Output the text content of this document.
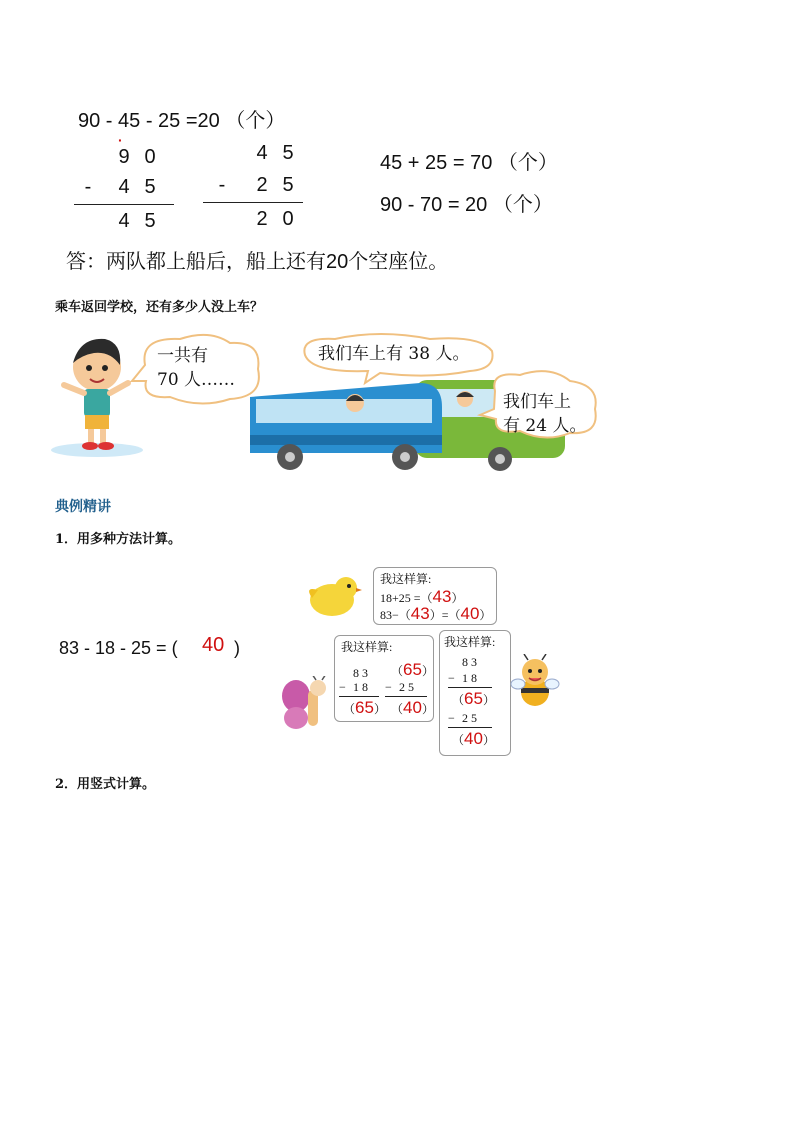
90 - 45 - 25 =20 （个）
·
9 0
-	4 5
4 5
4 5
-	2 5
2 0
45 + 25 = 70 （个）
90 - 70 = 20 （个）
答：两队都上船后，船上还有20个空座位。
乘车返回学校，还有多少人没上车？
一共有
70 人……
我们车上有 38 人。
我们车上
有 24 人。
典例精讲
1．用多种方法计算。
83 - 18 - 25 = ( 40 )
我这样算:
18+25 =（43）
83−（43）=（40）
我这样算:
8 3
− 1 8
（65）
（65）
− 2 5
（40）
我这样算:
8 3
− 1 8
（65）
− 2 5
（40）
2．用竖式计算。
